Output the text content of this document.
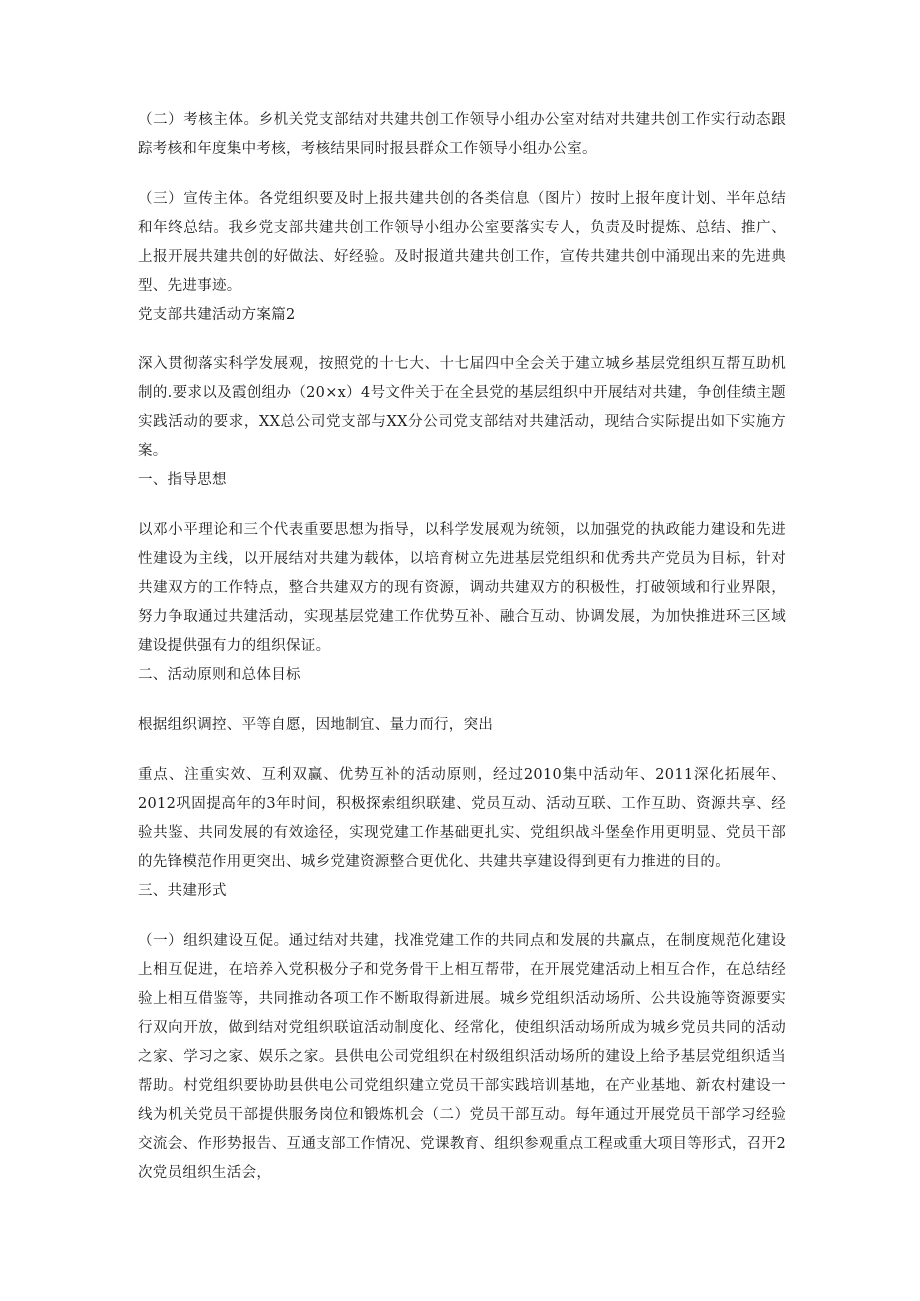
（二）考核主体。乡机关党支部结对共建共创工作领导小组办公室对结对共建共创工作实行动态跟踪考核和年度集中考核，考核结果同时报县群众工作领导小组办公室。

（三）宣传主体。各党组织要及时上报共建共创的各类信息（图片）按时上报年度计划、半年总结和年终总结。我乡党支部共建共创工作领导小组办公室要落实专人，负责及时提炼、总结、推广、上报开展共建共创的好做法、好经验。及时报道共建共创工作，宣传共建共创中涌现出来的先进典型、先进事迹。

党支部共建活动方案篇2

深入贯彻落实科学发展观，按照党的十七大、十七届四中全会关于建立城乡基层党组织互帮互助机制的.要求以及霞创组办（20×x）4号文件关于在全县党的基层组织中开展结对共建，争创佳绩主题实践活动的要求，XX总公司党支部与XX分公司党支部结对共建活动，现结合实际提出如下实施方案。

一、指导思想

以邓小平理论和三个代表重要思想为指导，以科学发展观为统领，以加强党的执政能力建设和先进性建设为主线，以开展结对共建为载体，以培育树立先进基层党组织和优秀共产党员为目标，针对共建双方的工作特点，整合共建双方的现有资源，调动共建双方的积极性，打破领域和行业界限，努力争取通过共建活动，实现基层党建工作优势互补、融合互动、协调发展，为加快推进环三区域建设提供强有力的组织保证。

二、活动原则和总体目标

根据组织调控、平等自愿，因地制宜、量力而行，突出

重点、注重实效、互利双赢、优势互补的活动原则，经过2010集中活动年、2011深化拓展年、2012巩固提高年的3年时间，积极探索组织联建、党员互动、活动互联、工作互助、资源共享、经验共鉴、共同发展的有效途径，实现党建工作基础更扎实、党组织战斗堡垒作用更明显、党员干部的先锋模范作用更突出、城乡党建资源整合更优化、共建共享建设得到更有力推进的目的。

三、共建形式

（一）组织建设互促。通过结对共建，找准党建工作的共同点和发展的共赢点，在制度规范化建设上相互促进，在培养入党积极分子和党务骨干上相互帮带，在开展党建活动上相互合作，在总结经验上相互借鉴等，共同推动各项工作不断取得新进展。城乡党组织活动场所、公共设施等资源要实行双向开放，做到结对党组织联谊活动制度化、经常化，使组织活动场所成为城乡党员共同的活动之家、学习之家、娱乐之家。县供电公司党组织在村级组织活动场所的建设上给予基层党组织适当帮助。村党组织要协助县供电公司党组织建立党员干部实践培训基地，在产业基地、新农村建设一线为机关党员干部提供服务岗位和锻炼机会（二）党员干部互动。每年通过开展党员干部学习经验交流会、作形势报告、互通支部工作情况、党课教育、组织参观重点工程或重大项目等形式，召开2次党员组织生活会，
